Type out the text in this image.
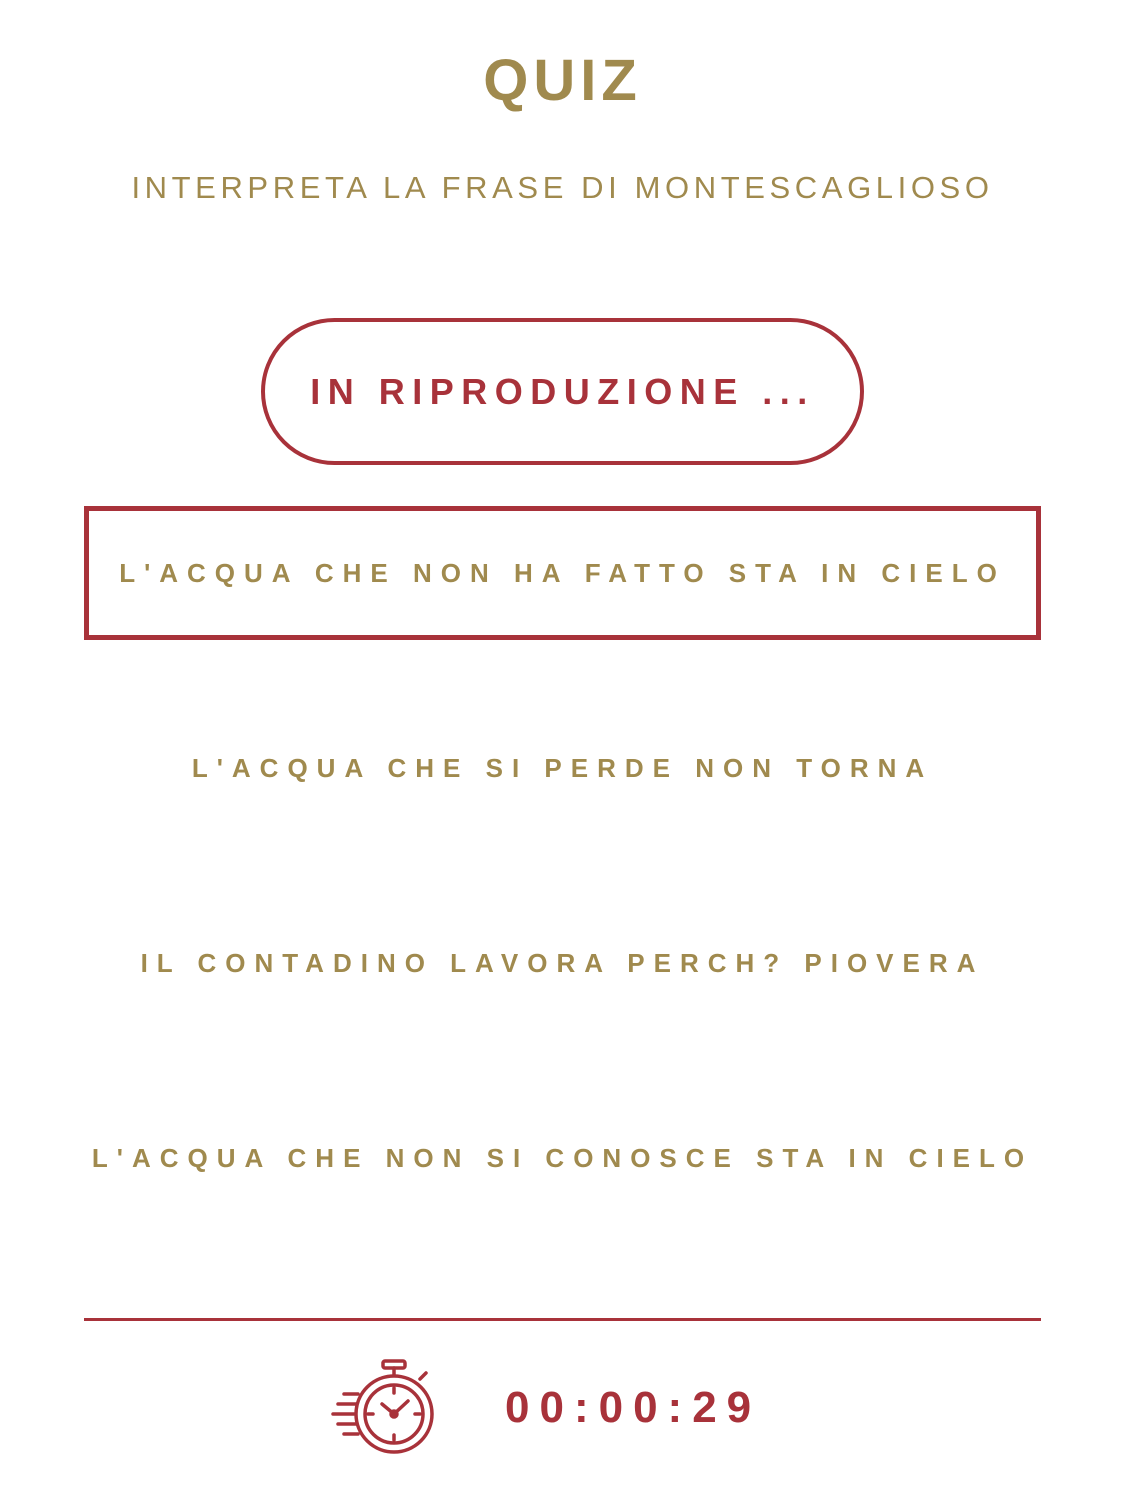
QUIZ
INTERPRETA LA FRASE DI MONTESCAGLIOSO
IN RIPRODUZIONE ...
L'ACQUA CHE NON HA FATTO STA IN CIELO
L'ACQUA CHE SI PERDE NON TORNA
IL CONTADINO LAVORA PERCH? PIOVERA
L'ACQUA CHE NON SI CONOSCE STA IN CIELO
00:00:29
